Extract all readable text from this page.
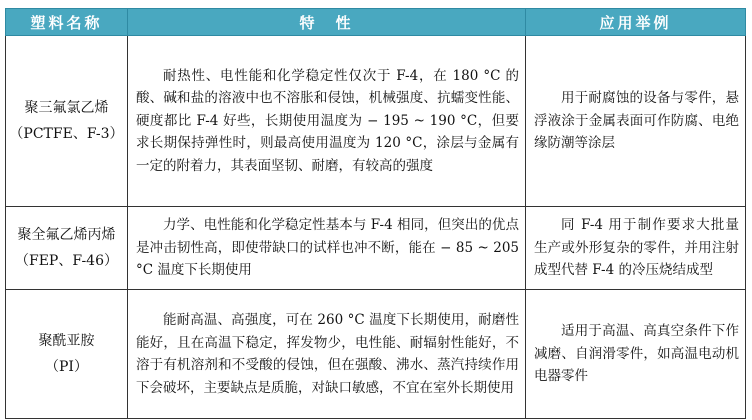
塑料名称	特　性	应用举例

聚三氟氯乙烯
（PCTFE、F-3）	耐热性、电性能和化学稳定性仅次于 F-4，在 180 °C 的酸、碱和盐的溶液中也不溶胀和侵蚀，机械强度、抗蠕变性能、硬度都比 F-4 好些，长期使用温度为 − 195 ~ 190 °C，但要求长期保持弹性时，则最高使用温度为 120 °C，涂层与金属有一定的附着力，其表面坚韧、耐磨，有较高的强度	用于耐腐蚀的设备与零件，悬浮液涂于金属表面可作防腐、电绝缘防潮等涂层

聚全氟乙烯丙烯
（FEP、F-46）	力学、电性能和化学稳定性基本与 F-4 相同，但突出的优点是冲击韧性高，即使带缺口的试样也冲不断，能在 − 85 ~ 205 °C 温度下长期使用	同 F-4 用于制作要求大批量生产或外形复杂的零件，并用注射成型代替 F-4 的冷压烧结成型

聚酰亚胺
（PI）	能耐高温、高强度，可在 260 °C 温度下长期使用，耐磨性能好，且在高温下稳定，挥发物少，电性能、耐辐射性能好，不溶于有机溶剂和不受酸的侵蚀，但在强酸、沸水、蒸汽持续作用下会破坏，主要缺点是质脆，对缺口敏感，不宜在室外长期使用	适用于高温、高真空条件下作减磨、自润滑零件，如高温电动机电器零件
